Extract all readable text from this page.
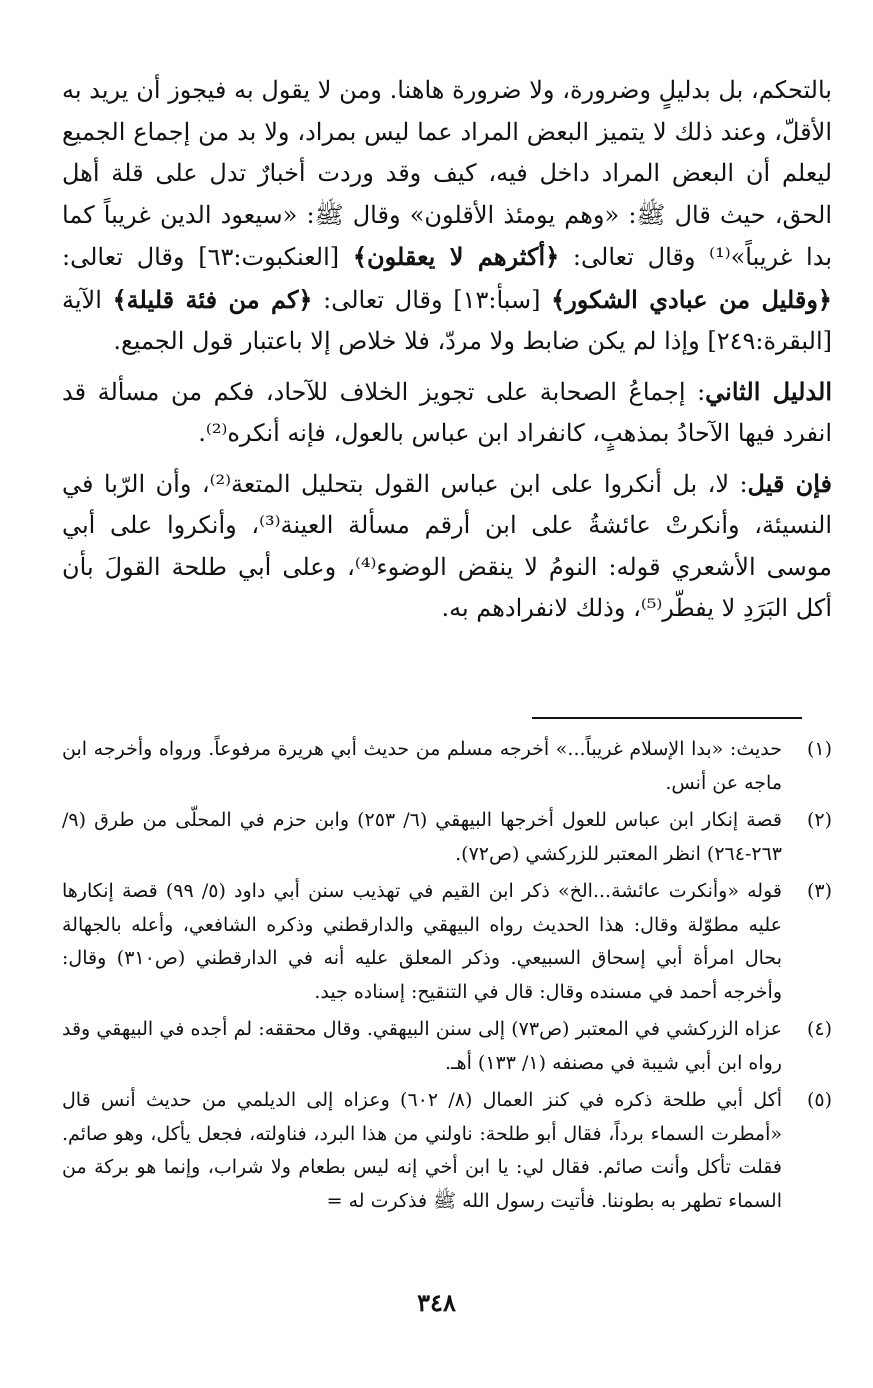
بالتحكم، بل بدليلٍ وضرورة، ولا ضرورة هاهنا. ومن لا يقول به فيجوز أن يريد به الأقلّ، وعند ذلك لا يتميز البعض المراد عما ليس بمراد، ولا بد من إجماع الجميع ليعلم أن البعض المراد داخل فيه، كيف وقد وردت أخبارٌ تدل على قلة أهل الحق، حيث قال ﷺ: «وهم يومئذ الأقلون» وقال ﷺ: «سيعود الدين غريباً كما بدا غريباً»⁽¹⁾ وقال تعالى: ﴿أكثرهم لا يعقلون﴾ [العنكبوت:٦٣] وقال تعالى: ﴿وقليل من عبادي الشكور﴾ [سبأ:١٣] وقال تعالى: ﴿كم من فئة قليلة﴾ الآية [البقرة:٢٤٩] وإذا لم يكن ضابط ولا مردّ، فلا خلاص إلا باعتبار قول الجميع.

الدليل الثاني: إجماعُ الصحابة على تجويز الخلاف للآحاد، فكم من مسألة قد انفرد فيها الآحادُ بمذهبٍ، كانفراد ابن عباس بالعول، فإنه أنكره⁽²⁾.

فإن قيل: لا، بل أنكروا على ابن عباس القول بتحليل المتعة⁽²⁾، وأن الرّبا في النسيئة، وأنكرتْ عائشةُ على ابن أرقم مسألة العينة⁽³⁾، وأنكروا على أبي موسى الأشعري قوله: النومُ لا ينقض الوضوء⁽⁴⁾، وعلى أبي طلحة القولَ بأن أكل البَرَدِ لا يفطّر⁽⁵⁾، وذلك لانفرادهم به.

(١)
حديث: «بدا الإسلام غريباً...» أخرجه مسلم من حديث أبي هريرة مرفوعاً. ورواه وأخرجه ابن ماجه عن أنس.
(٢)
قصة إنكار ابن عباس للعول أخرجها البيهقي (٦/ ٢٥٣) وابن حزم في المحلّى من طرق (٩/ ٢٦٣-٢٦٤) انظر المعتبر للزركشي (ص٧٢).
(٣)
قوله «وأنكرت عائشة...الخ» ذكر ابن القيم في تهذيب سنن أبي داود (٥/ ٩٩) قصة إنكارها عليه مطوّلة وقال: هذا الحديث رواه البيهقي والدارقطني وذكره الشافعي، وأعله بالجهالة بحال امرأة أبي إسحاق السبيعي. وذكر المعلق عليه أنه في الدارقطني (ص٣١٠) وقال: وأخرجه أحمد في مسنده وقال: قال في التنقيح: إسناده جيد.
(٤)
عزاه الزركشي في المعتبر (ص٧٣) إلى سنن البيهقي. وقال محققه: لم أجده في البيهقي وقد رواه ابن أبي شيبة في مصنفه (١/ ١٣٣) أهـ.
(٥)
أكل أبي طلحة ذكره في كنز العمال (٨/ ٦٠٢) وعزاه إلى الديلمي من حديث أنس قال «أمطرت السماء برداً، فقال أبو طلحة: ناولني من هذا البرد، فناولته، فجعل يأكل، وهو صائم. فقلت تأكل وأنت صائم. فقال لي: يا ابن أخي إنه ليس بطعام ولا شراب، وإنما هو بركة من السماء تطهر به بطوننا. فأتيت رسول الله ﷺ فذكرت له =
٣٤٨
